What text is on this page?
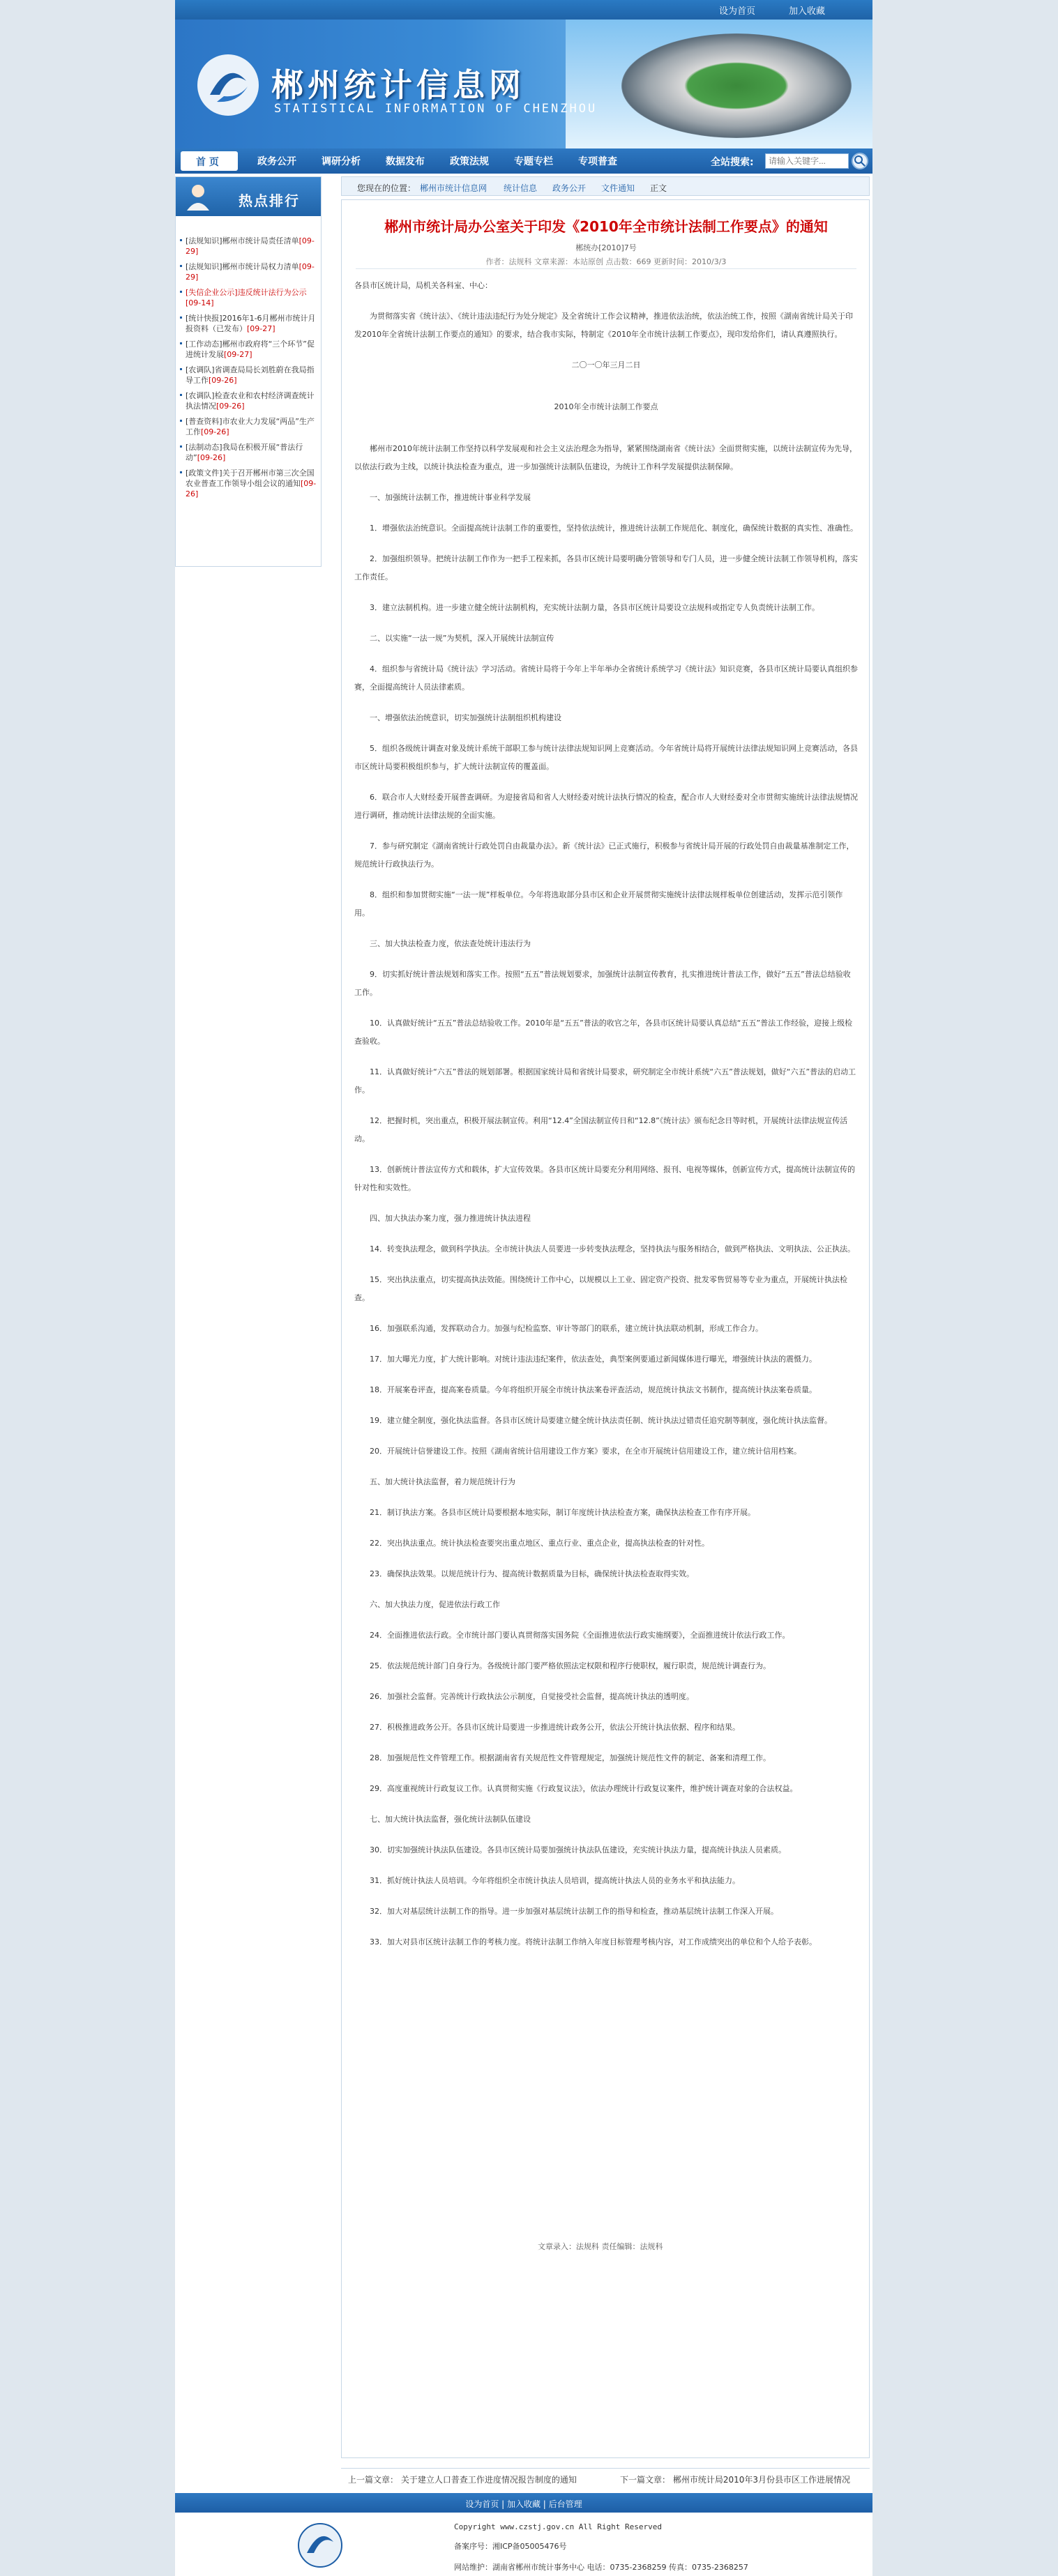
设为首页	加入收藏
郴州统计信息网
STATISTICAL INFORMATION OF CHENZHOU
首 页	政务公开	调研分析	数据发布	政策法规	专题专栏	专项普查	全站搜索:
请输入关键字...
热点排行
[法规知识]郴州市统计局责任清单[09-29]
[法规知识]郴州市统计局权力清单[09-29]
[失信企业公示]违反统计法行为公示[09-14]
[统计快报]2016年1-6月郴州市统计月报资料（已发布）[09-27]
[工作动态]郴州市政府将“三个环节”促进统计发展[09-27]
[农调队]省调查局局长刘胜蔚在我局指导工作[09-26]
[农调队]检查农业和农村经济调查统计执法情况[09-26]
[普查资料]市农业大力发展“两品”生产工作[09-26]
[法制动态]我局在积极开展“普法行动”[09-26]
[政策文件]关于召开郴州市第三次全国农业普查工作领导小组会议的通知[09-26]
您现在的位置： 郴州市统计信息网 统计信息 政务公开 文件通知 正文
郴州市统计局办公室关于印发《2010年全市统计法制工作要点》的通知
郴统办[2010]7号
作者：法规科 文章来源：本站原创 点击数：669 更新时间：2010/3/3

各县市区统计局，局机关各科室、中心：

为贯彻落实省《统计法》、《统计违法违纪行为处分规定》及全省统计工作会议精神，推进依法治统，依法治统工作，按照《湖南省统计局关于印发2010年全省统计法制工作要点的通知》的要求，结合我市实际，特制定《2010年全市统计法制工作要点》，现印发给你们，请认真遵照执行。

二〇一〇年三月二日

2010年全市统计法制工作要点

郴州市2010年统计法制工作坚持以科学发展观和社会主义法治理念为指导，紧紧围绕湖南省《统计法》全面贯彻实施，以统计法制宣传为先导，以依法行政为主线，以统计执法检查为重点，进一步加强统计法制队伍建设，为统计工作科学发展提供法制保障。

一、加强统计法制工作，推进统计事业科学发展

1．增强依法治统意识。全面提高统计法制工作的重要性，坚持依法统计，推进统计法制工作规范化、制度化，确保统计数据的真实性、准确性。

2．加强组织领导。把统计法制工作作为一把手工程来抓，各县市区统计局要明确分管领导和专门人员，进一步健全统计法制工作领导机构，落实工作责任。

3．建立法制机构。进一步建立健全统计法制机构，充实统计法制力量，各县市区统计局要设立法规科或指定专人负责统计法制工作。

二、以实施“一法一规”为契机，深入开展统计法制宣传

4．组织参与省统计局《统计法》学习活动。省统计局将于今年上半年举办全省统计系统学习《统计法》知识竞赛，各县市区统计局要认真组织参赛，全面提高统计人员法律素质。

一、增强依法治统意识，切实加强统计法制组织机构建设

5．组织各级统计调查对象及统计系统干部职工参与统计法律法规知识网上竞赛活动。今年省统计局将开展统计法律法规知识网上竞赛活动，各县市区统计局要积极组织参与，扩大统计法制宣传的覆盖面。

6．联合市人大财经委开展普查调研。为迎接省局和省人大财经委对统计法执行情况的检查，配合市人大财经委对全市贯彻实施统计法律法规情况进行调研，推动统计法律法规的全面实施。

7．参与研究制定《湖南省统计行政处罚自由裁量办法》。新《统计法》已正式施行，积极参与省统计局开展的行政处罚自由裁量基准制定工作，规范统计行政执法行为。

8．组织和参加贯彻实施“一法一规”样板单位。今年将选取部分县市区和企业开展贯彻实施统计法律法规样板单位创建活动，发挥示范引领作用。

三、加大执法检查力度，依法查处统计违法行为

9．切实抓好统计普法规划和落实工作。按照“五五”普法规划要求，加强统计法制宣传教育，扎实推进统计普法工作，做好“五五”普法总结验收工作。

10．认真做好统计“五五”普法总结验收工作。2010年是“五五”普法的收官之年，各县市区统计局要认真总结“五五”普法工作经验，迎接上级检查验收。

11．认真做好统计“六五”普法的规划部署。根据国家统计局和省统计局要求，研究制定全市统计系统“六五”普法规划，做好“六五”普法的启动工作。

12．把握时机，突出重点，积极开展法制宣传。利用“12.4”全国法制宣传日和“12.8”《统计法》颁布纪念日等时机，开展统计法律法规宣传活动。

13．创新统计普法宣传方式和载体，扩大宣传效果。各县市区统计局要充分利用网络、报刊、电视等媒体，创新宣传方式，提高统计法制宣传的针对性和实效性。

四、加大执法办案力度，强力推进统计执法进程

14．转变执法理念，做到科学执法。全市统计执法人员要进一步转变执法理念，坚持执法与服务相结合，做到严格执法、文明执法、公正执法。

15．突出执法重点，切实提高执法效能。围绕统计工作中心，以规模以上工业、固定资产投资、批发零售贸易等专业为重点，开展统计执法检查。

16．加强联系沟通，发挥联动合力。加强与纪检监察、审计等部门的联系，建立统计执法联动机制，形成工作合力。

17．加大曝光力度，扩大统计影响。对统计违法违纪案件，依法查处，典型案例要通过新闻媒体进行曝光，增强统计执法的震慑力。

18．开展案卷评查，提高案卷质量。今年将组织开展全市统计执法案卷评查活动，规范统计执法文书制作，提高统计执法案卷质量。

19．建立健全制度，强化执法监督。各县市区统计局要建立健全统计执法责任制、统计执法过错责任追究制等制度，强化统计执法监督。

20．开展统计信誉建设工作。按照《湖南省统计信用建设工作方案》要求，在全市开展统计信用建设工作，建立统计信用档案。

五、加大统计执法监督，着力规范统计行为

21．制订执法方案。各县市区统计局要根据本地实际，制订年度统计执法检查方案，确保执法检查工作有序开展。

22．突出执法重点。统计执法检查要突出重点地区、重点行业、重点企业，提高执法检查的针对性。

23．确保执法效果。以规范统计行为、提高统计数据质量为目标，确保统计执法检查取得实效。

六、加大执法力度，促进依法行政工作

24．全面推进依法行政。全市统计部门要认真贯彻落实国务院《全面推进依法行政实施纲要》，全面推进统计依法行政工作。

25．依法规范统计部门自身行为。各级统计部门要严格依照法定权限和程序行使职权，履行职责，规范统计调查行为。

26．加强社会监督。完善统计行政执法公示制度，自觉接受社会监督，提高统计执法的透明度。

27．积极推进政务公开。各县市区统计局要进一步推进统计政务公开，依法公开统计执法依据、程序和结果。

28．加强规范性文件管理工作。根据湖南省有关规范性文件管理规定，加强统计规范性文件的制定、备案和清理工作。

29．高度重视统计行政复议工作。认真贯彻实施《行政复议法》，依法办理统计行政复议案件，维护统计调查对象的合法权益。

七、加大统计执法监督，强化统计法制队伍建设

30．切实加强统计执法队伍建设。各县市区统计局要加强统计执法队伍建设，充实统计执法力量，提高统计执法人员素质。

31．抓好统计执法人员培训。今年将组织全市统计执法人员培训，提高统计执法人员的业务水平和执法能力。

32．加大对基层统计法制工作的指导。进一步加强对基层统计法制工作的指导和检查，推动基层统计法制工作深入开展。

33．加大对县市区统计法制工作的考核力度。将统计法制工作纳入年度目标管理考核内容，对工作成绩突出的单位和个人给予表彰。

文章录入：法规科 责任编辑：法规科
上一篇文章： 关于建立人口普查工作进度情况报告制度的通知	下一篇文章： 郴州市统计局2010年3月份县市区工作进展情况
设为首页 | 加入收藏 | 后台管理
Copyright www.czstj.gov.cn All Right Reserved
备案序号：湘ICP备05005476号
网站维护：湖南省郴州市统计事务中心 电话：0735-2368259 传真：0735-2368257
